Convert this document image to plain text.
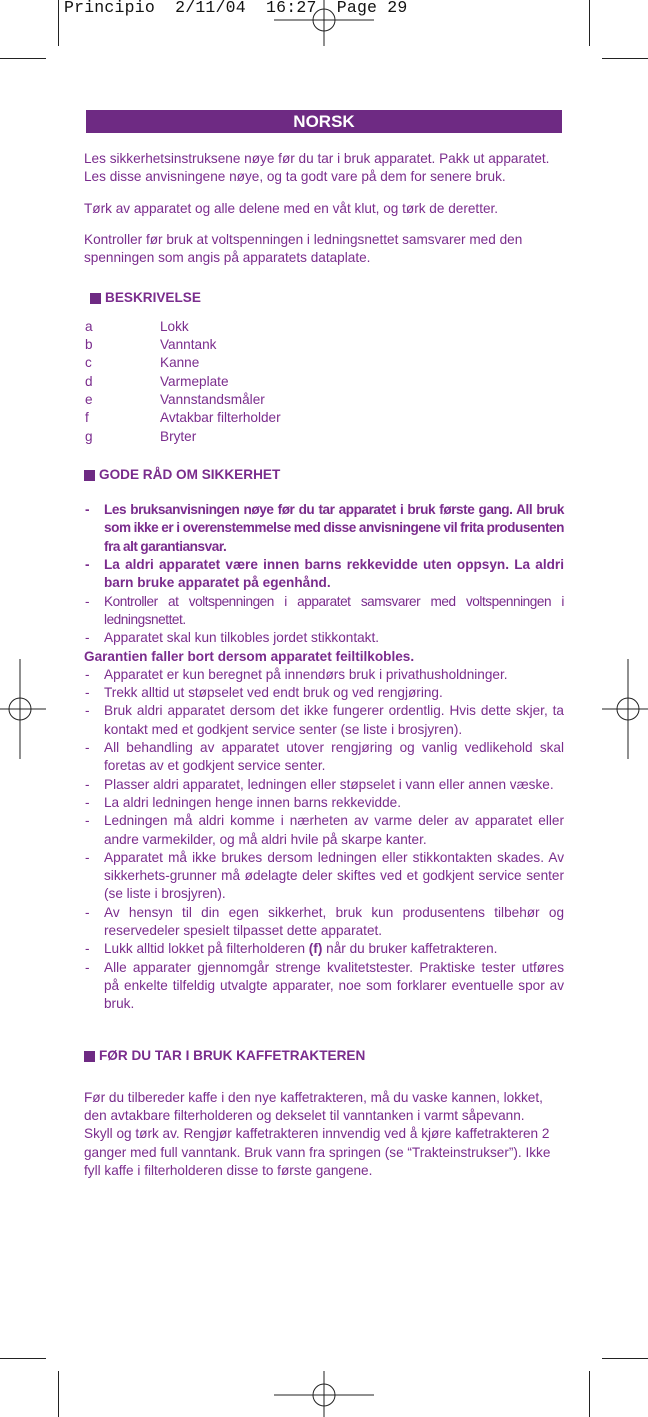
Principio  2/11/04  16:27  Page 29
NORSK

Les sikkerhetsinstruksene nøye før du tar i bruk apparatet. Pakk ut apparatet. Les disse anvisningene nøye, og ta godt vare på dem for senere bruk.

Tørk av apparatet og alle delene med en våt klut, og tørk de deretter.

Kontroller før bruk at voltspenningen i ledningsnettet samsvarer med den spenningen som angis på apparatets dataplate.

BESKRIVELSE
a	Lokk
b	Vanntank
c	Kanne
d	Varmeplate
e	Vannstandsmåler
f	Avtakbar filterholder
g	Bryter
GODE RÅD OM SIKKERHET
- Les bruksanvisningen nøye før du tar apparatet i bruk første gang. All bruk som ikke er i overenstemmelse med disse anvisningene vil frita produsenten fra alt garantiansvar.
- La aldri apparatet være innen barns rekkevidde uten oppsyn. La aldri barn bruke apparatet på egenhånd.
- Kontroller at voltspenningen i apparatet samsvarer med voltspenningen i ledningsnettet.
- Apparatet skal kun tilkobles jordet stikkontakt.
Garantien faller bort dersom apparatet feiltilkobles.
- Apparatet er kun beregnet på innendørs bruk i privathusholdninger.
- Trekk alltid ut støpselet ved endt bruk og ved rengjøring.
- Bruk aldri apparatet dersom det ikke fungerer ordentlig. Hvis dette skjer, ta kontakt med et godkjent service senter (se liste i brosjyren).
- All behandling av apparatet utover rengjøring og vanlig vedlikehold skal foretas av et godkjent service senter.
- Plasser aldri apparatet, ledningen eller støpselet i vann eller annen væske.
- La aldri ledningen henge innen barns rekkevidde.
- Ledningen må aldri komme i nærheten av varme deler av apparatet eller andre varmekilder, og må aldri hvile på skarpe kanter.
- Apparatet må ikke brukes dersom ledningen eller stikkontakten skades. Av sikkerhets-grunner må ødelagte deler skiftes ved et godkjent service senter (se liste i brosjyren).
- Av hensyn til din egen sikkerhet, bruk kun produsentens tilbehør og reservedeler spesielt tilpasset dette apparatet.
- Lukk alltid lokket på filterholderen (f) når du bruker kaffetrakteren.
- Alle apparater gjennomgår strenge kvalitetstester. Praktiske tester utføres på enkelte tilfeldig utvalgte apparater, noe som forklarer eventuelle spor av bruk.
FØR DU TAR I BRUK KAFFETRAKTEREN

Før du tilbereder kaffe i den nye kaffetrakteren, må du vaske kannen, lokket, den avtakbare filterholderen og dekselet til vanntanken i varmt såpevann.

Skyll og tørk av. Rengjør kaffetrakteren innvendig ved å kjøre kaffetrakteren 2 ganger med full vanntank. Bruk vann fra springen (se “Trakteinstrukser”). Ikke fyll kaffe i filterholderen disse to første gangene.
